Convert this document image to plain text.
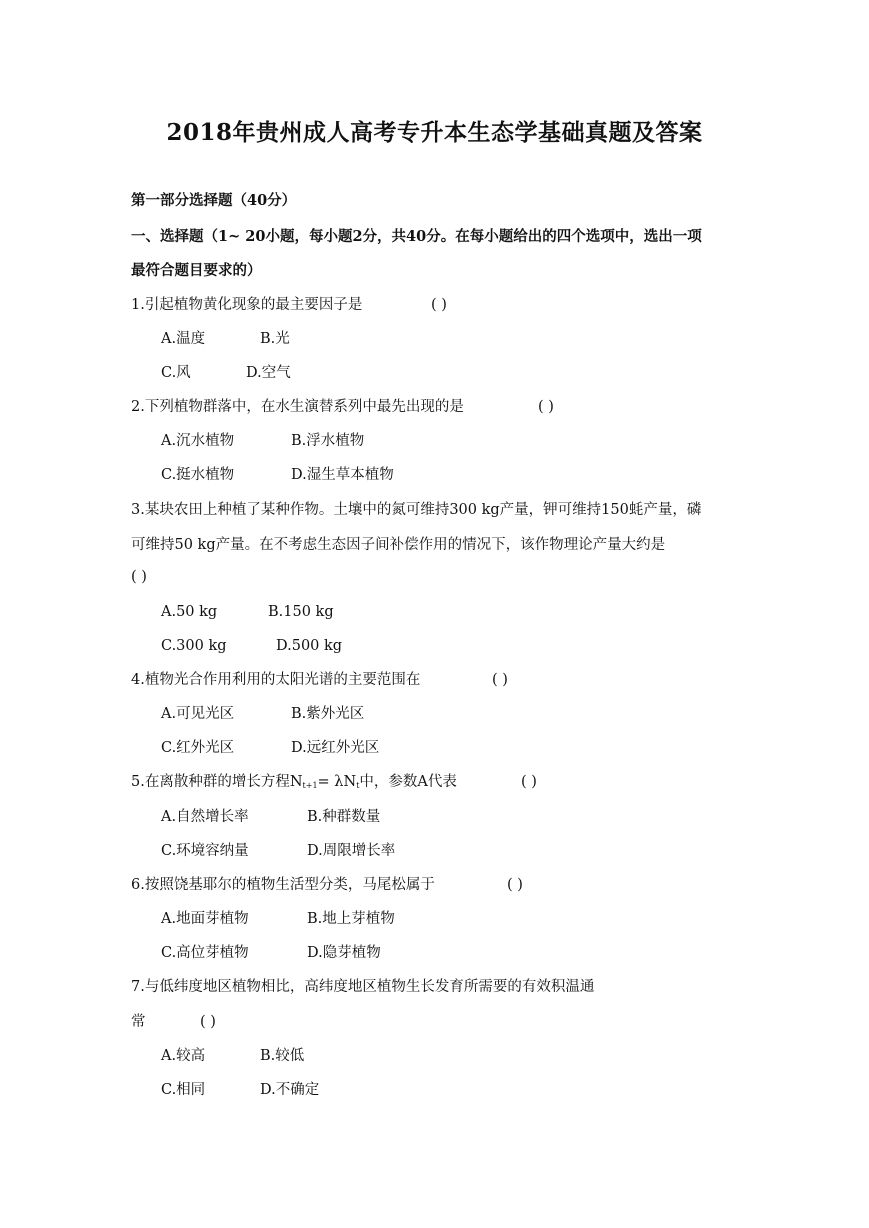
2018年贵州成人高考专升本生态学基础真题及答案
第一部分选择题（40分）
一、选择题（1~ 20小题，每小题2分，共40分。在每小题给出的四个选项中，选出一项
最符合题目要求的）
1.引起植物黄化现象的最主要因子是	( )
A.温度	B.光
C.风	D.空气
2.下列植物群落中，在水生演替系列中最先出现的是	( )
A.沉水植物	B.浮水植物
C.挺水植物	D.湿生草本植物
3.某块农田上种植了某种作物。土壤中的氮可维持300 kg产量，钾可维持150蚝产量，磷
可维持50 kg产量。在不考虑生态因子间补偿作用的情况下，该作物理论产量大约是
( )
A.50 kg	B.150 kg
C.300 kg	D.500 kg
4.植物光合作用利用的太阳光谱的主要范围在	( )
A.可见光区	B.紫外光区
C.红外光区	D.远红外光区
5.在离散种群的增长方程$N_{t+1}= \lambda N_t$中，参数A代表	( )
A.自然增长率	B.种群数量
C.环境容纳量	D.周限增长率
6.按照饶基耶尔的植物生活型分类，马尾松属于	( )
A.地面芽植物	B.地上芽植物
C.高位芽植物	D.隐芽植物
7.与低纬度地区植物相比，高纬度地区植物生长发育所需要的有效积温通
常	( )
A.较高	B.较低
C.相同	D.不确定
